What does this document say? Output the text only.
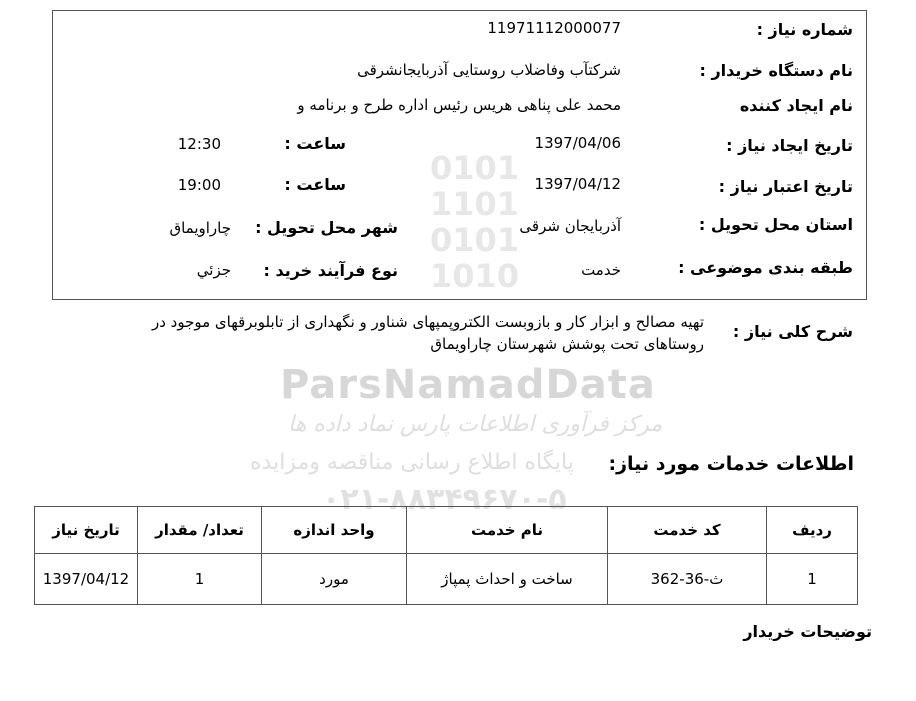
0101
1101
0101
1010
ParsNamadData
مرکز فرآوری اطلاعات پارس نماد داده ها
پایگاه اطلاع رسانی مناقصه ومزایده
۰۲۱-۸۸۳۴۹۶۷۰-۵
شماره نیاز :
11971112000077
نام دستگاه خریدار :
شرکتآب وفاضلاب روستایی آذربایجانشرقی
نام ایجاد کننده
محمد علی پناهی هریس رئیس اداره طرح و برنامه و
تاریخ ایجاد نیاز :
1397/04/06
ساعت :
12:30
تاریخ اعتبار نیاز :
1397/04/12
ساعت :
19:00
استان محل تحویل :
آذربایجان شرقی
شهر محل تحویل :
چاراویماق
طبقه بندی موضوعی :
خدمت
نوع فرآیند خرید :
جزئي
شرح کلی نیاز :
تهیه مصالح و ابزار کار و بازوبست الکتروپمپهای شناور و نگهداری از تابلوبرقهای موجود در
روستاهای تحت پوشش شهرستان چاراویماق
اطلاعات خدمات مورد نیاز:
ردیف	کد خدمت	نام خدمت	واحد اندازه	تعداد/ مقدار	تاریخ نیاز
1	ث-36-362	ساخت و احداث پمپاژ	مورد	1	1397/04/12
توضیحات خریدار
